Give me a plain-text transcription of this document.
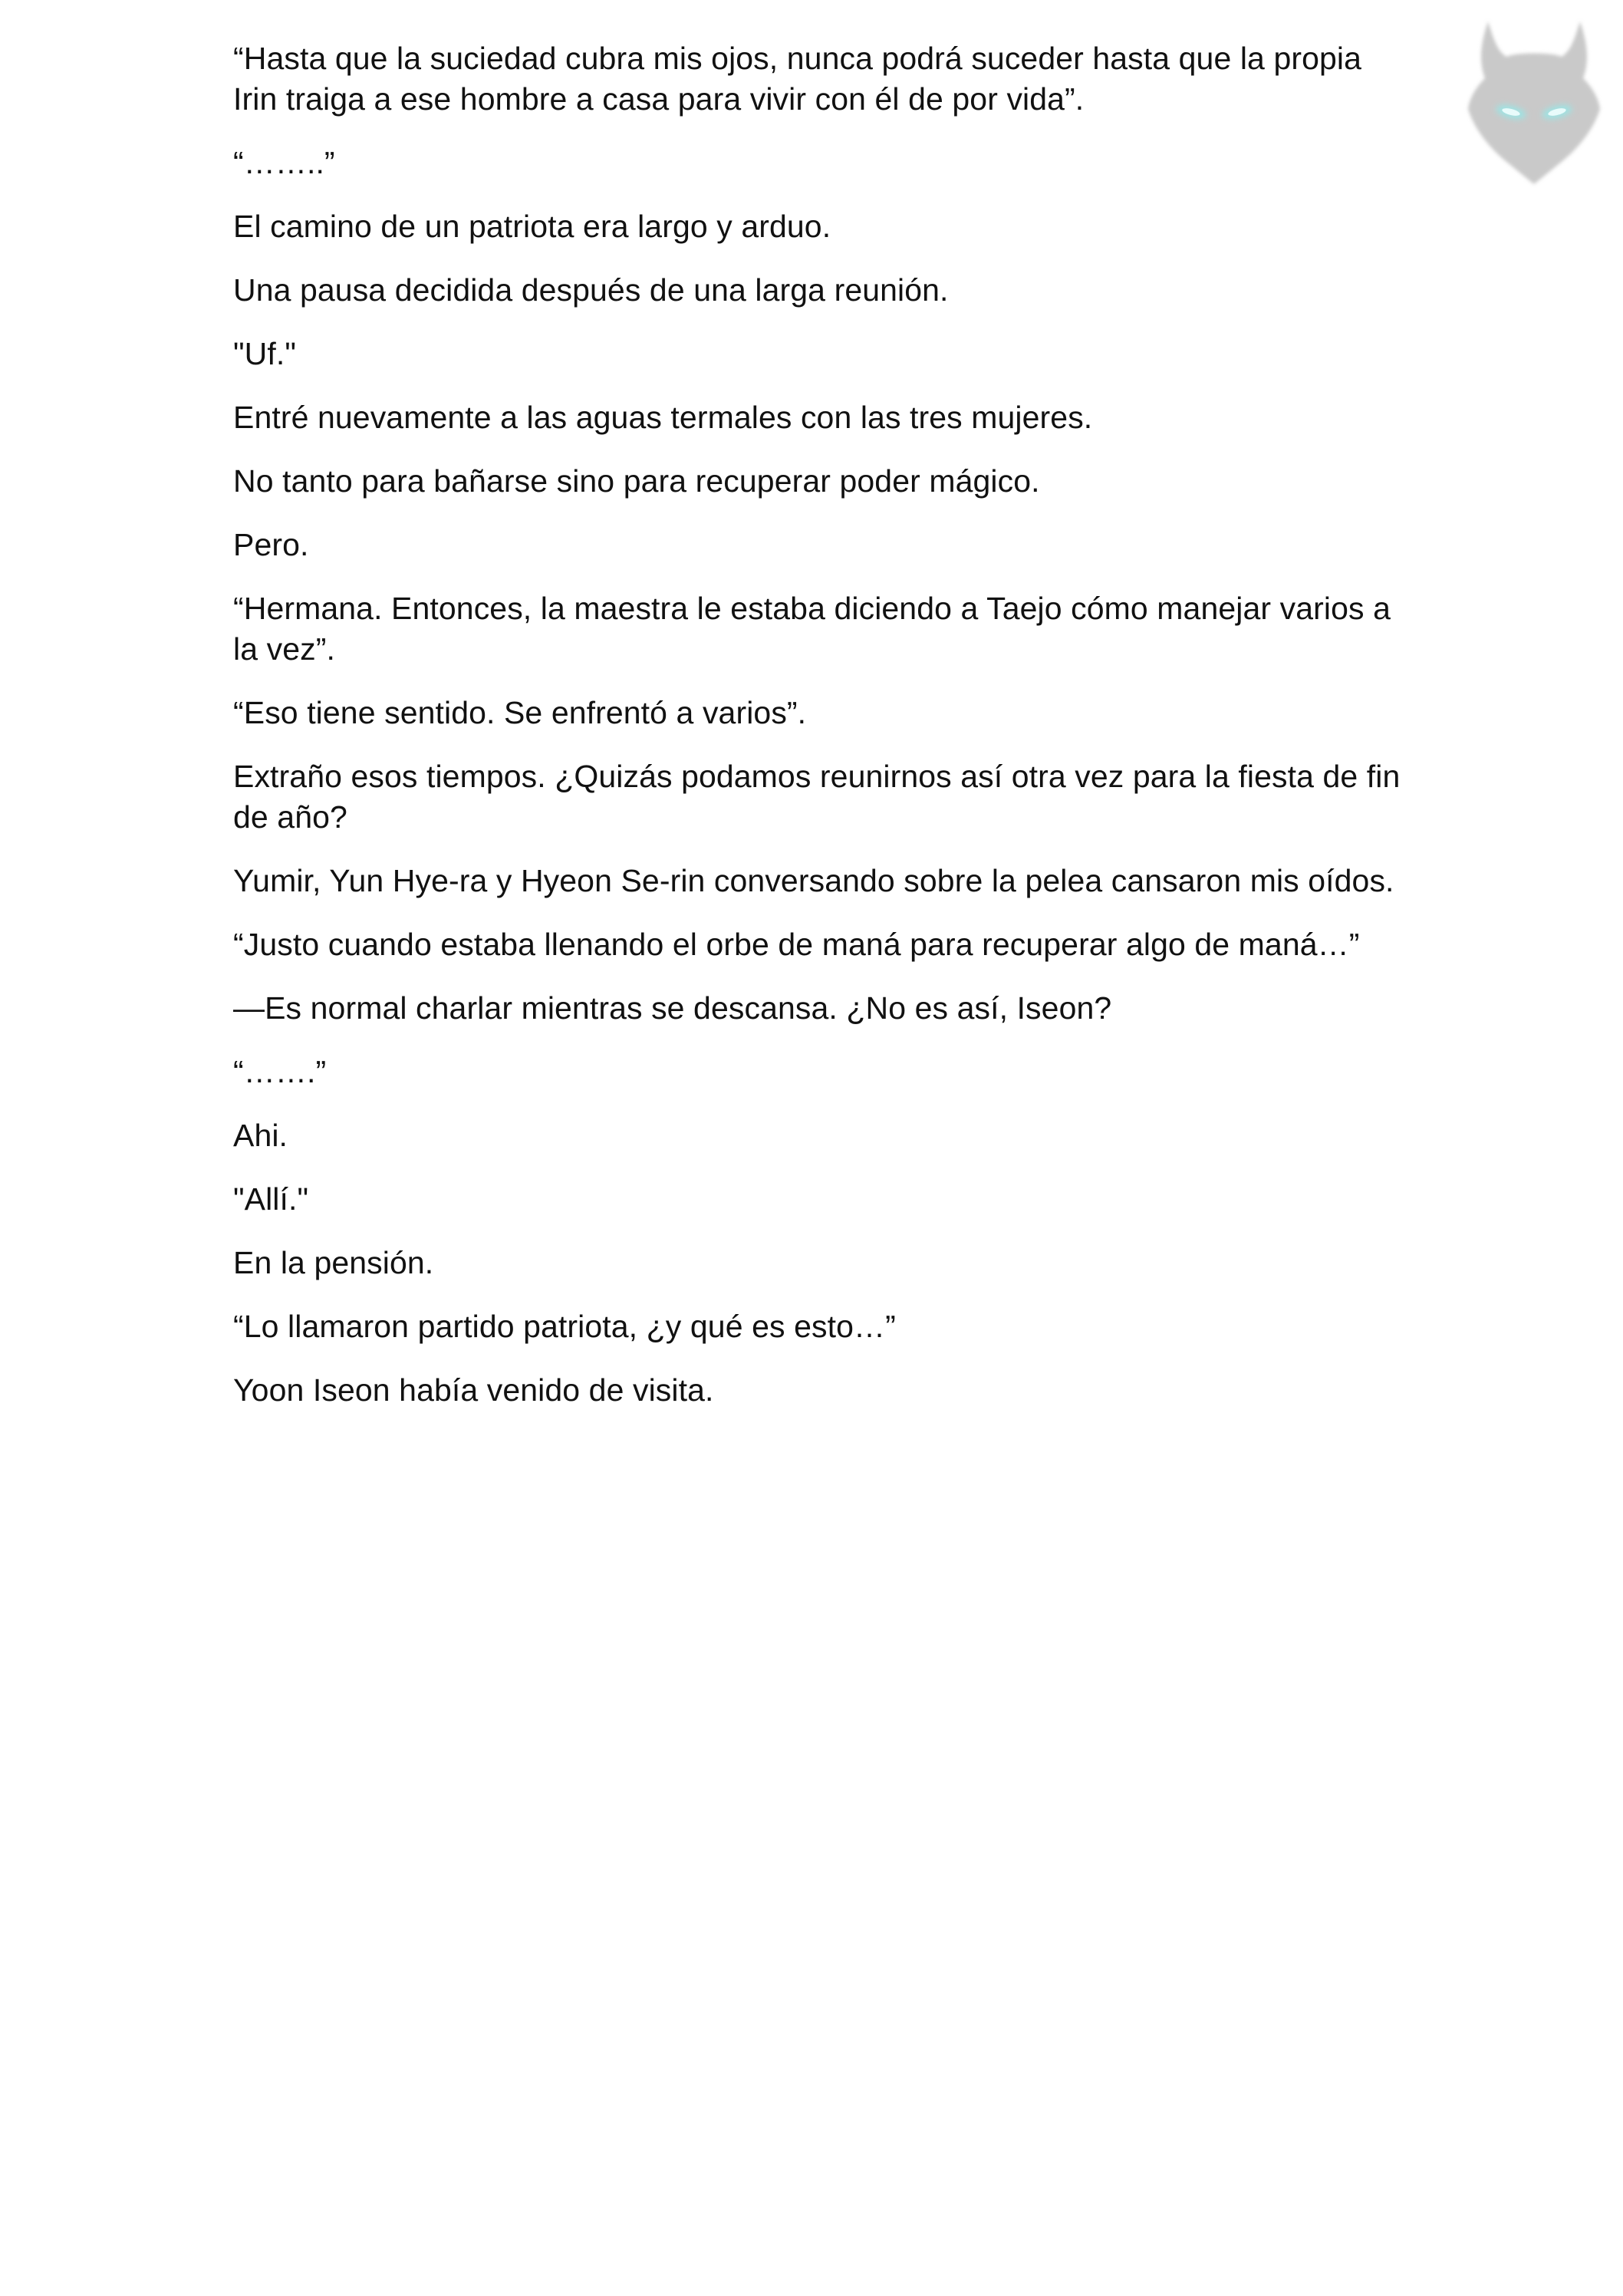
“Hasta que la suciedad cubra mis ojos, nunca podrá suceder hasta que la propia Irin traiga a ese hombre a casa para vivir con él de por vida”.

“……..”

El camino de un patriota era largo y arduo.

Una pausa decidida después de una larga reunión.

"Uf."

Entré nuevamente a las aguas termales con las tres mujeres.

No tanto para bañarse sino para recuperar poder mágico.

Pero.

“Hermana. Entonces, la maestra le estaba diciendo a Taejo cómo manejar varios a la vez”.

“Eso tiene sentido. Se enfrentó a varios”.

Extraño esos tiempos. ¿Quizás podamos reunirnos así otra vez para la fiesta de fin de año?

Yumir, Yun Hye-ra y Hyeon Se-rin conversando sobre la pelea cansaron mis oídos.

“Justo cuando estaba llenando el orbe de maná para recuperar algo de maná…”

—Es normal charlar mientras se descansa. ¿No es así, Iseon?

“…….”

Ahi.

"Allí."

En la pensión.

“Lo llamaron partido patriota, ¿y qué es esto…”

Yoon Iseon había venido de visita.
